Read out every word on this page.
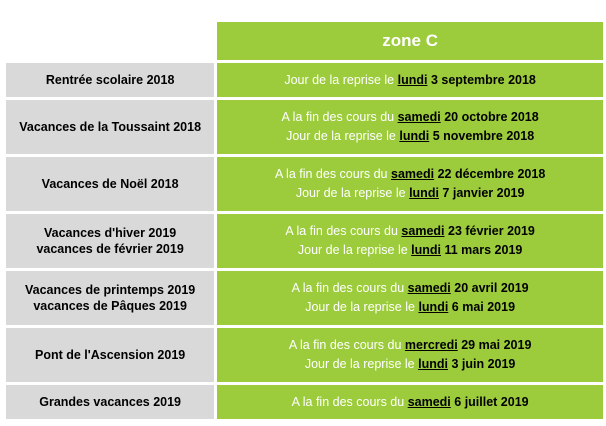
	zone C
Rentrée scolaire 2018	Jour de la reprise le lundi 3 septembre 2018

Vacances de la Toussaint 2018	A la fin des cours du samedi 20 octobre 2018
Jour de la reprise le lundi 5 novembre 2018

Vacances de Noël 2018	A la fin des cours du samedi 22 décembre 2018
Jour de la reprise le lundi 7 janvier 2019

Vacances d'hiver 2019
vacances de février 2019	A la fin des cours du samedi 23 février 2019
Jour de la reprise le lundi 11 mars 2019

Vacances de printemps 2019
vacances de Pâques 2019	A la fin des cours du samedi 20 avril 2019
Jour de la reprise le lundi 6 mai 2019

Pont de l'Ascension 2019	A la fin des cours du mercredi 29 mai 2019
Jour de la reprise le lundi 3 juin 2019

Grandes vacances 2019	A la fin des cours du samedi 6 juillet 2019
